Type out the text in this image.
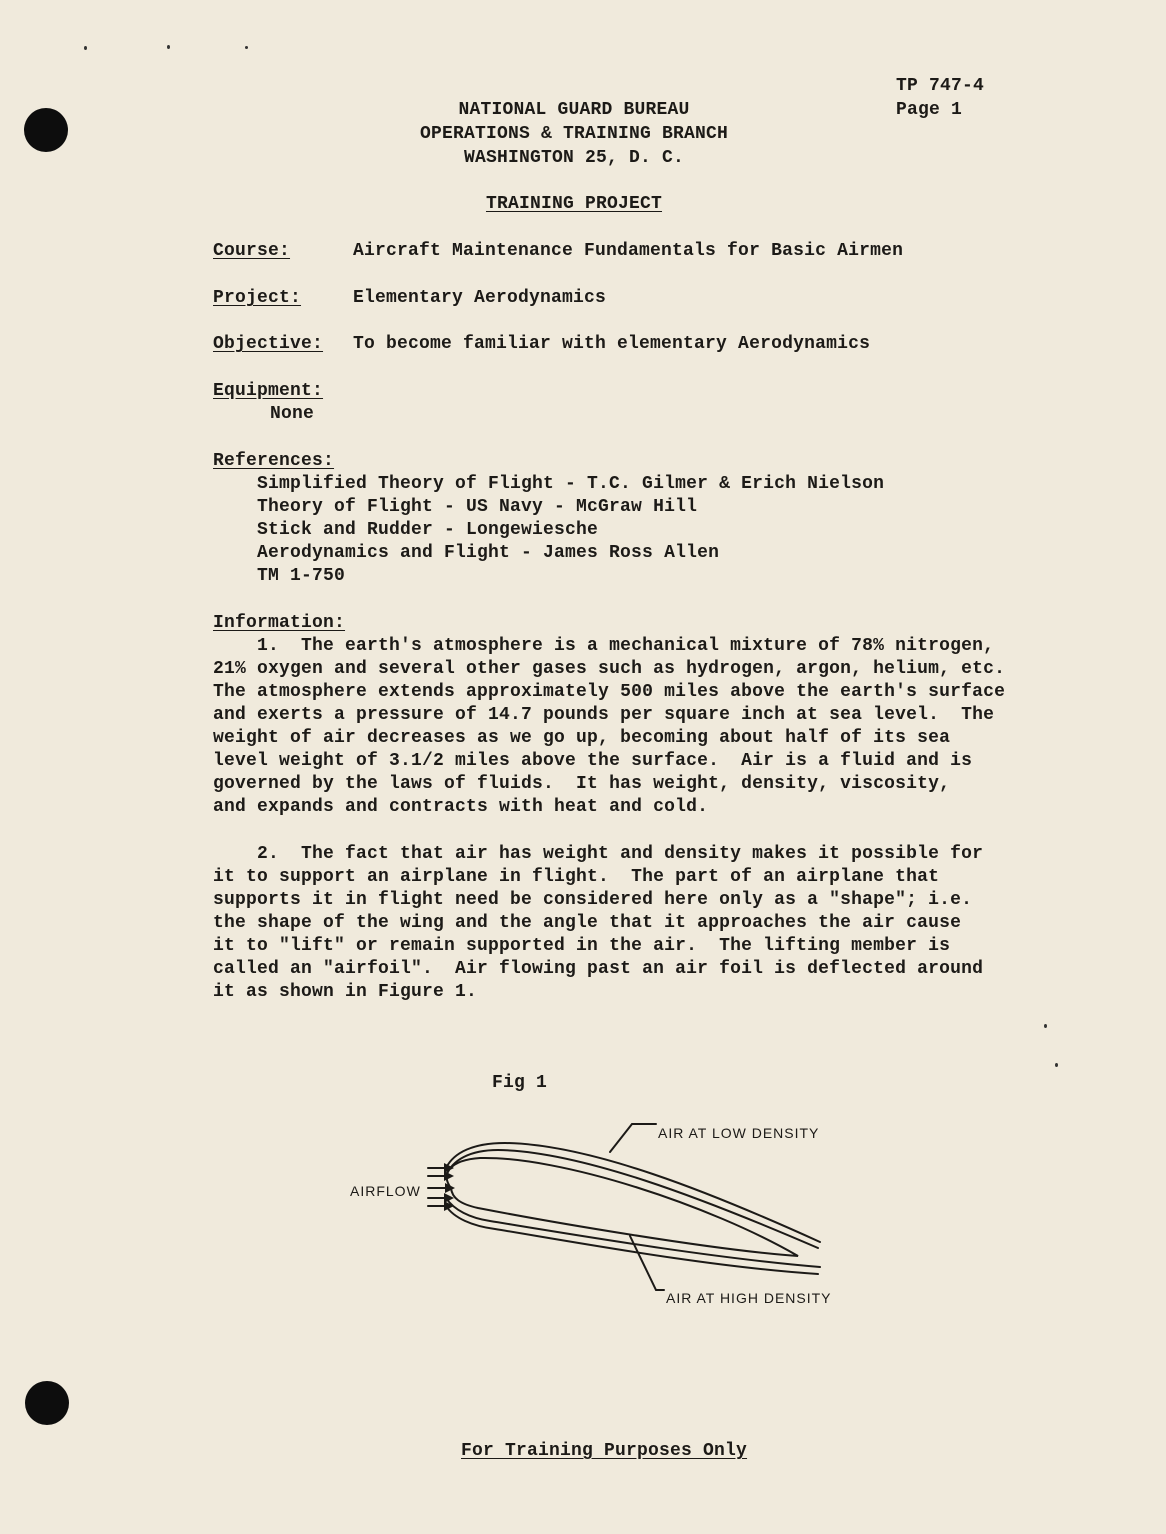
TP 747-4
Page 1
NATIONAL GUARD BUREAU
OPERATIONS & TRAINING BRANCH
WASHINGTON 25, D. C.
TRAINING PROJECT
Course:	Aircraft Maintenance Fundamentals for Basic Airmen
Project:	Elementary Aerodynamics
Objective: To become familiar with elementary Aerodynamics
Equipment:
None
References:
Simplified Theory of Flight - T.C. Gilmer & Erich Nielson
Theory of Flight - US Navy - McGraw Hill
Stick and Rudder - Longewiesche
Aerodynamics and Flight - James Ross Allen
TM 1-750
Information:
1.  The earth's atmosphere is a mechanical mixture of 78% nitrogen,
21% oxygen and several other gases such as hydrogen, argon, helium, etc.
The atmosphere extends approximately 500 miles above the earth's surface
and exerts a pressure of 14.7 pounds per square inch at sea level.  The
weight of air decreases as we go up, becoming about half of its sea
level weight of 3.1/2 miles above the surface.  Air is a fluid and is
governed by the laws of fluids.  It has weight, density, viscosity,
and expands and contracts with heat and cold.
2.  The fact that air has weight and density makes it possible for
it to support an airplane in flight.  The part of an airplane that
supports it in flight need be considered here only as a "shape"; i.e.
the shape of the wing and the angle that it approaches the air cause
it to "lift" or remain supported in the air.  The lifting member is
called an "airfoil".  Air flowing past an air foil is deflected around
it as shown in Figure 1.
Fig 1
AIRFLOW
AIR AT LOW DENSITY
AIR AT HIGH DENSITY
For Training Purposes Only
